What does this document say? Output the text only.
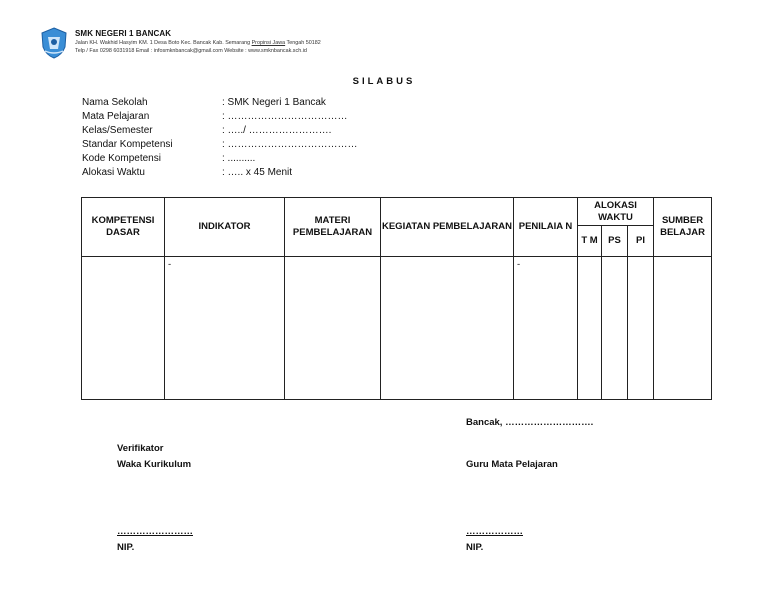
SMK NEGERI 1 BANCAK
Jalan KH. Wakhid Hasyim KM. 1 Desa Boto Kec. Bancak Kab. Semarang Propinsi Jawa Tengah 50182
Telp / Fax 0298 6031918 Email : infosmknbancak@gmail.com Website : www.smknbancak.sch.id
SILABUS
Nama Sekolah	: SMK Negeri 1 Bancak
Mata Pelajaran	: ………………………………
Kelas/Semester	: …../ …………………….
Standar Kompetensi	: …………………………………
Kode Kompetensi	: ..........
Alokasi Waktu	: ….. x 45 Menit
KOMPETENSI DASAR	INDIKATOR	MATERI PEMBELAJARAN	KEGIATAN PEMBELAJARAN	PENILAIA N	ALOKASI WAKTU			SUMBER BELAJAR
					T M	PS	PI	
	-			-				
Bancak, ……………………….
Verifikator
Waka Kurikulum	Guru Mata Pelajaran
……………………
NIP.
………………
NIP.
